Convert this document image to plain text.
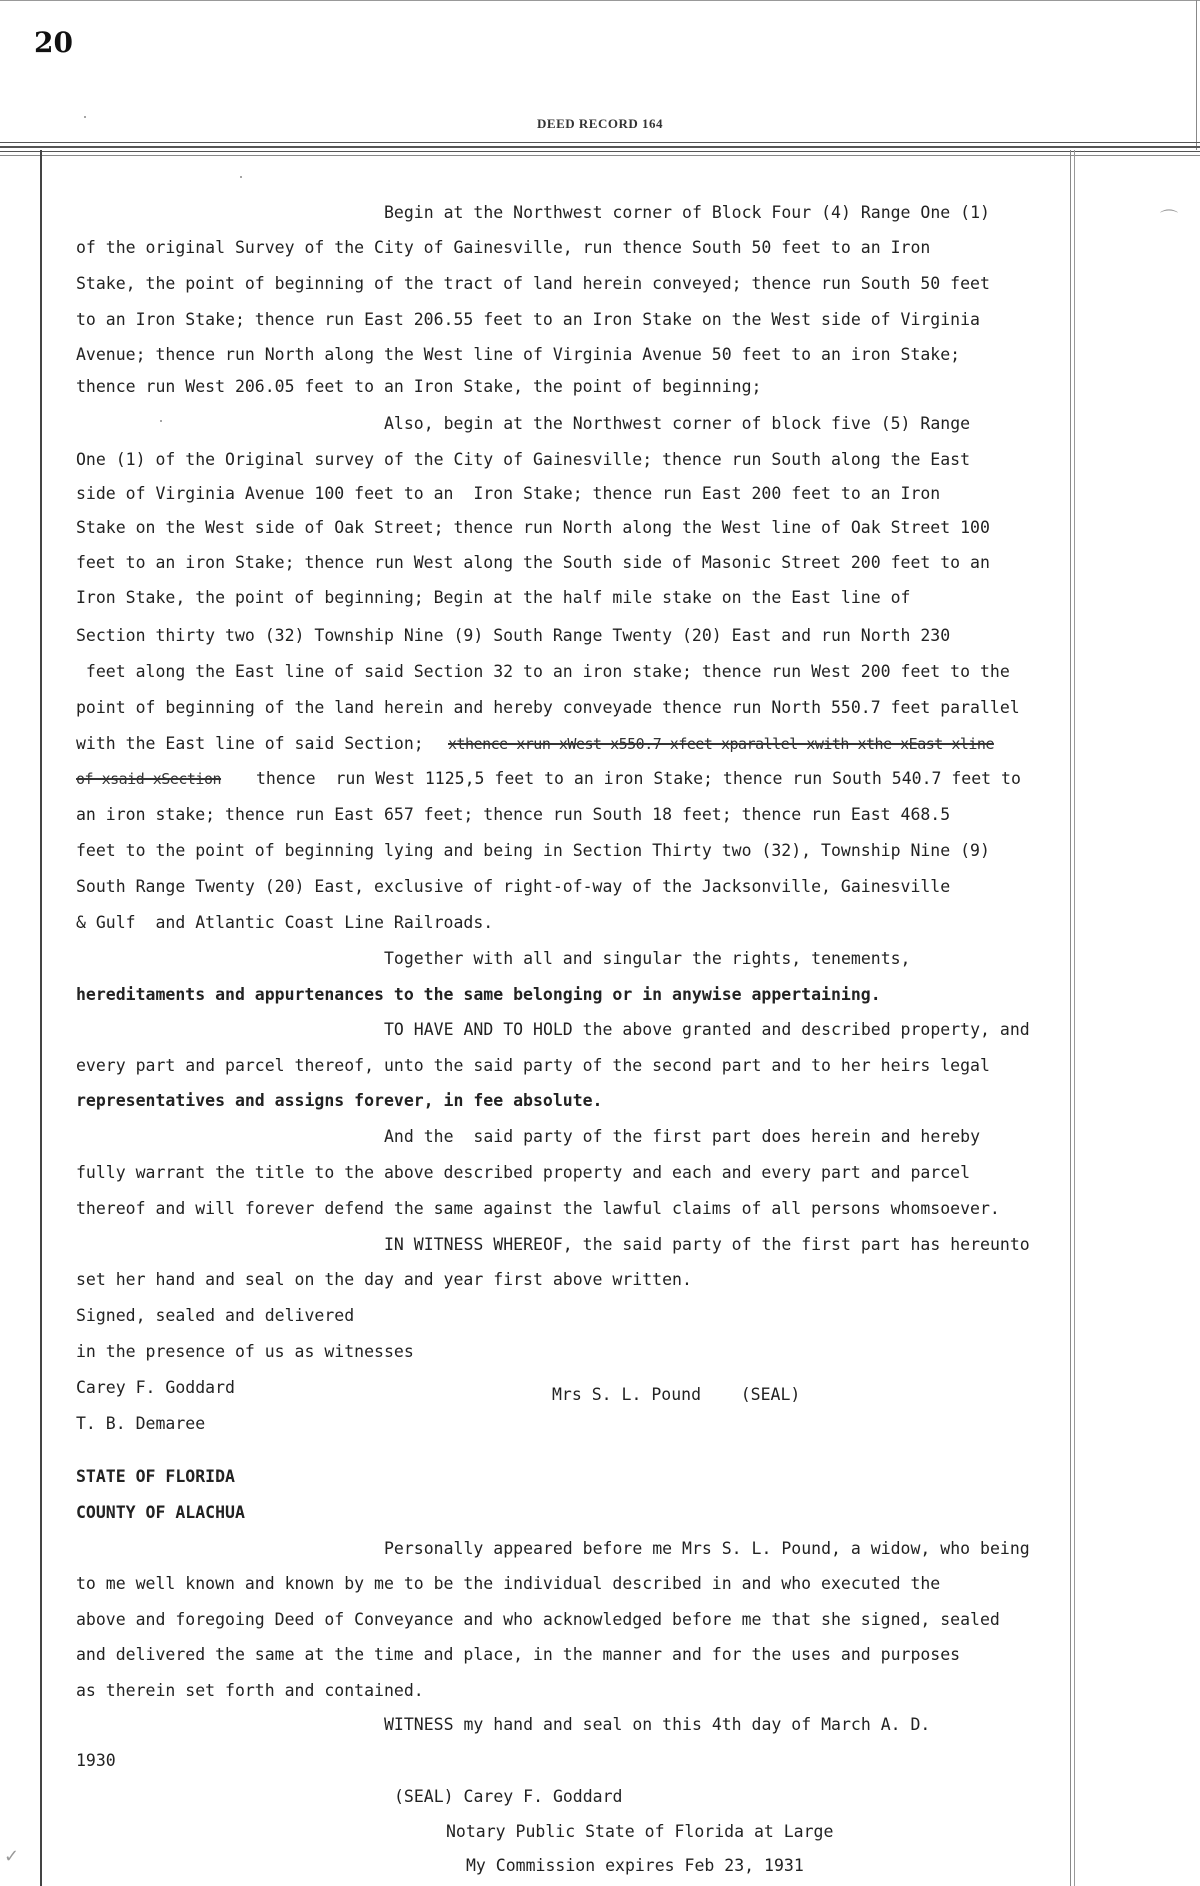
20
DEED RECORD 164
⌒
✓
Begin at the Northwest corner of Block Four (4) Range One (1)
of the original Survey of the City of Gainesville, run thence South 50 feet to an Iron
Stake, the point of beginning of the tract of land herein conveyed; thence run South 50 feet
to an Iron Stake; thence run East 206.55 feet to an Iron Stake on the West side of Virginia
Avenue; thence run North along the West line of Virginia Avenue 50 feet to an iron Stake;
thence run West 206.05 feet to an Iron Stake, the point of beginning;
Also, begin at the Northwest corner of block five (5) Range
One (1) of the Original survey of the City of Gainesville; thence run South along the East
side of Virginia Avenue 100 feet to an  Iron Stake; thence run East 200 feet to an Iron
Stake on the West side of Oak Street; thence run North along the West line of Oak Street 100
feet to an iron Stake; thence run West along the South side of Masonic Street 200 feet to an
Iron Stake, the point of beginning; Begin at the half mile stake on the East line of
Section thirty two (32) Township Nine (9) South Range Twenty (20) East and run North 230
feet along the East line of said Section 32 to an iron stake; thence run West 200 feet to the
point of beginning of the land herein and hereby conveyade thence run North 550.7 feet parallel
with the East line of said Section; xthence xrun xWest x550.7 xfeet xparallel xwith xthe xEast xline
of xsaid xSection thence  run West 1125,5 feet to an iron Stake; thence run South 540.7 feet to
an iron stake; thence run East 657 feet; thence run South 18 feet; thence run East 468.5
feet to the point of beginning lying and being in Section Thirty two (32), Township Nine (9)
South Range Twenty (20) East, exclusive of right-of-way of the Jacksonville, Gainesville
& Gulf  and Atlantic Coast Line Railroads.
Together with all and singular the rights, tenements,
hereditaments and appurtenances to the same belonging or in anywise appertaining.
TO HAVE AND TO HOLD the above granted and described property, and
every part and parcel thereof, unto the said party of the second part and to her heirs legal
representatives and assigns forever, in fee absolute.
And the  said party of the first part does herein and hereby
fully warrant the title to the above described property and each and every part and parcel
thereof and will forever defend the same against the lawful claims of all persons whomsoever.
IN WITNESS WHEREOF, the said party of the first part has hereunto
set her hand and seal on the day and year first above written.
Signed, sealed and delivered
in the presence of us as witnesses
Carey F. Goddard	Mrs S. L. Pound    (SEAL)
T. B. Demaree
STATE OF FLORIDA
COUNTY OF ALACHUA
Personally appeared before me Mrs S. L. Pound, a widow, who being
to me well known and known by me to be the individual described in and who executed the
above and foregoing Deed of Conveyance and who acknowledged before me that she signed, sealed
and delivered the same at the time and place, in the manner and for the uses and purposes
as therein set forth and contained.
WITNESS my hand and seal on this 4th day of March A. D.
1930
(SEAL) Carey F. Goddard
Notary Public State of Florida at Large
My Commission expires Feb 23, 1931
